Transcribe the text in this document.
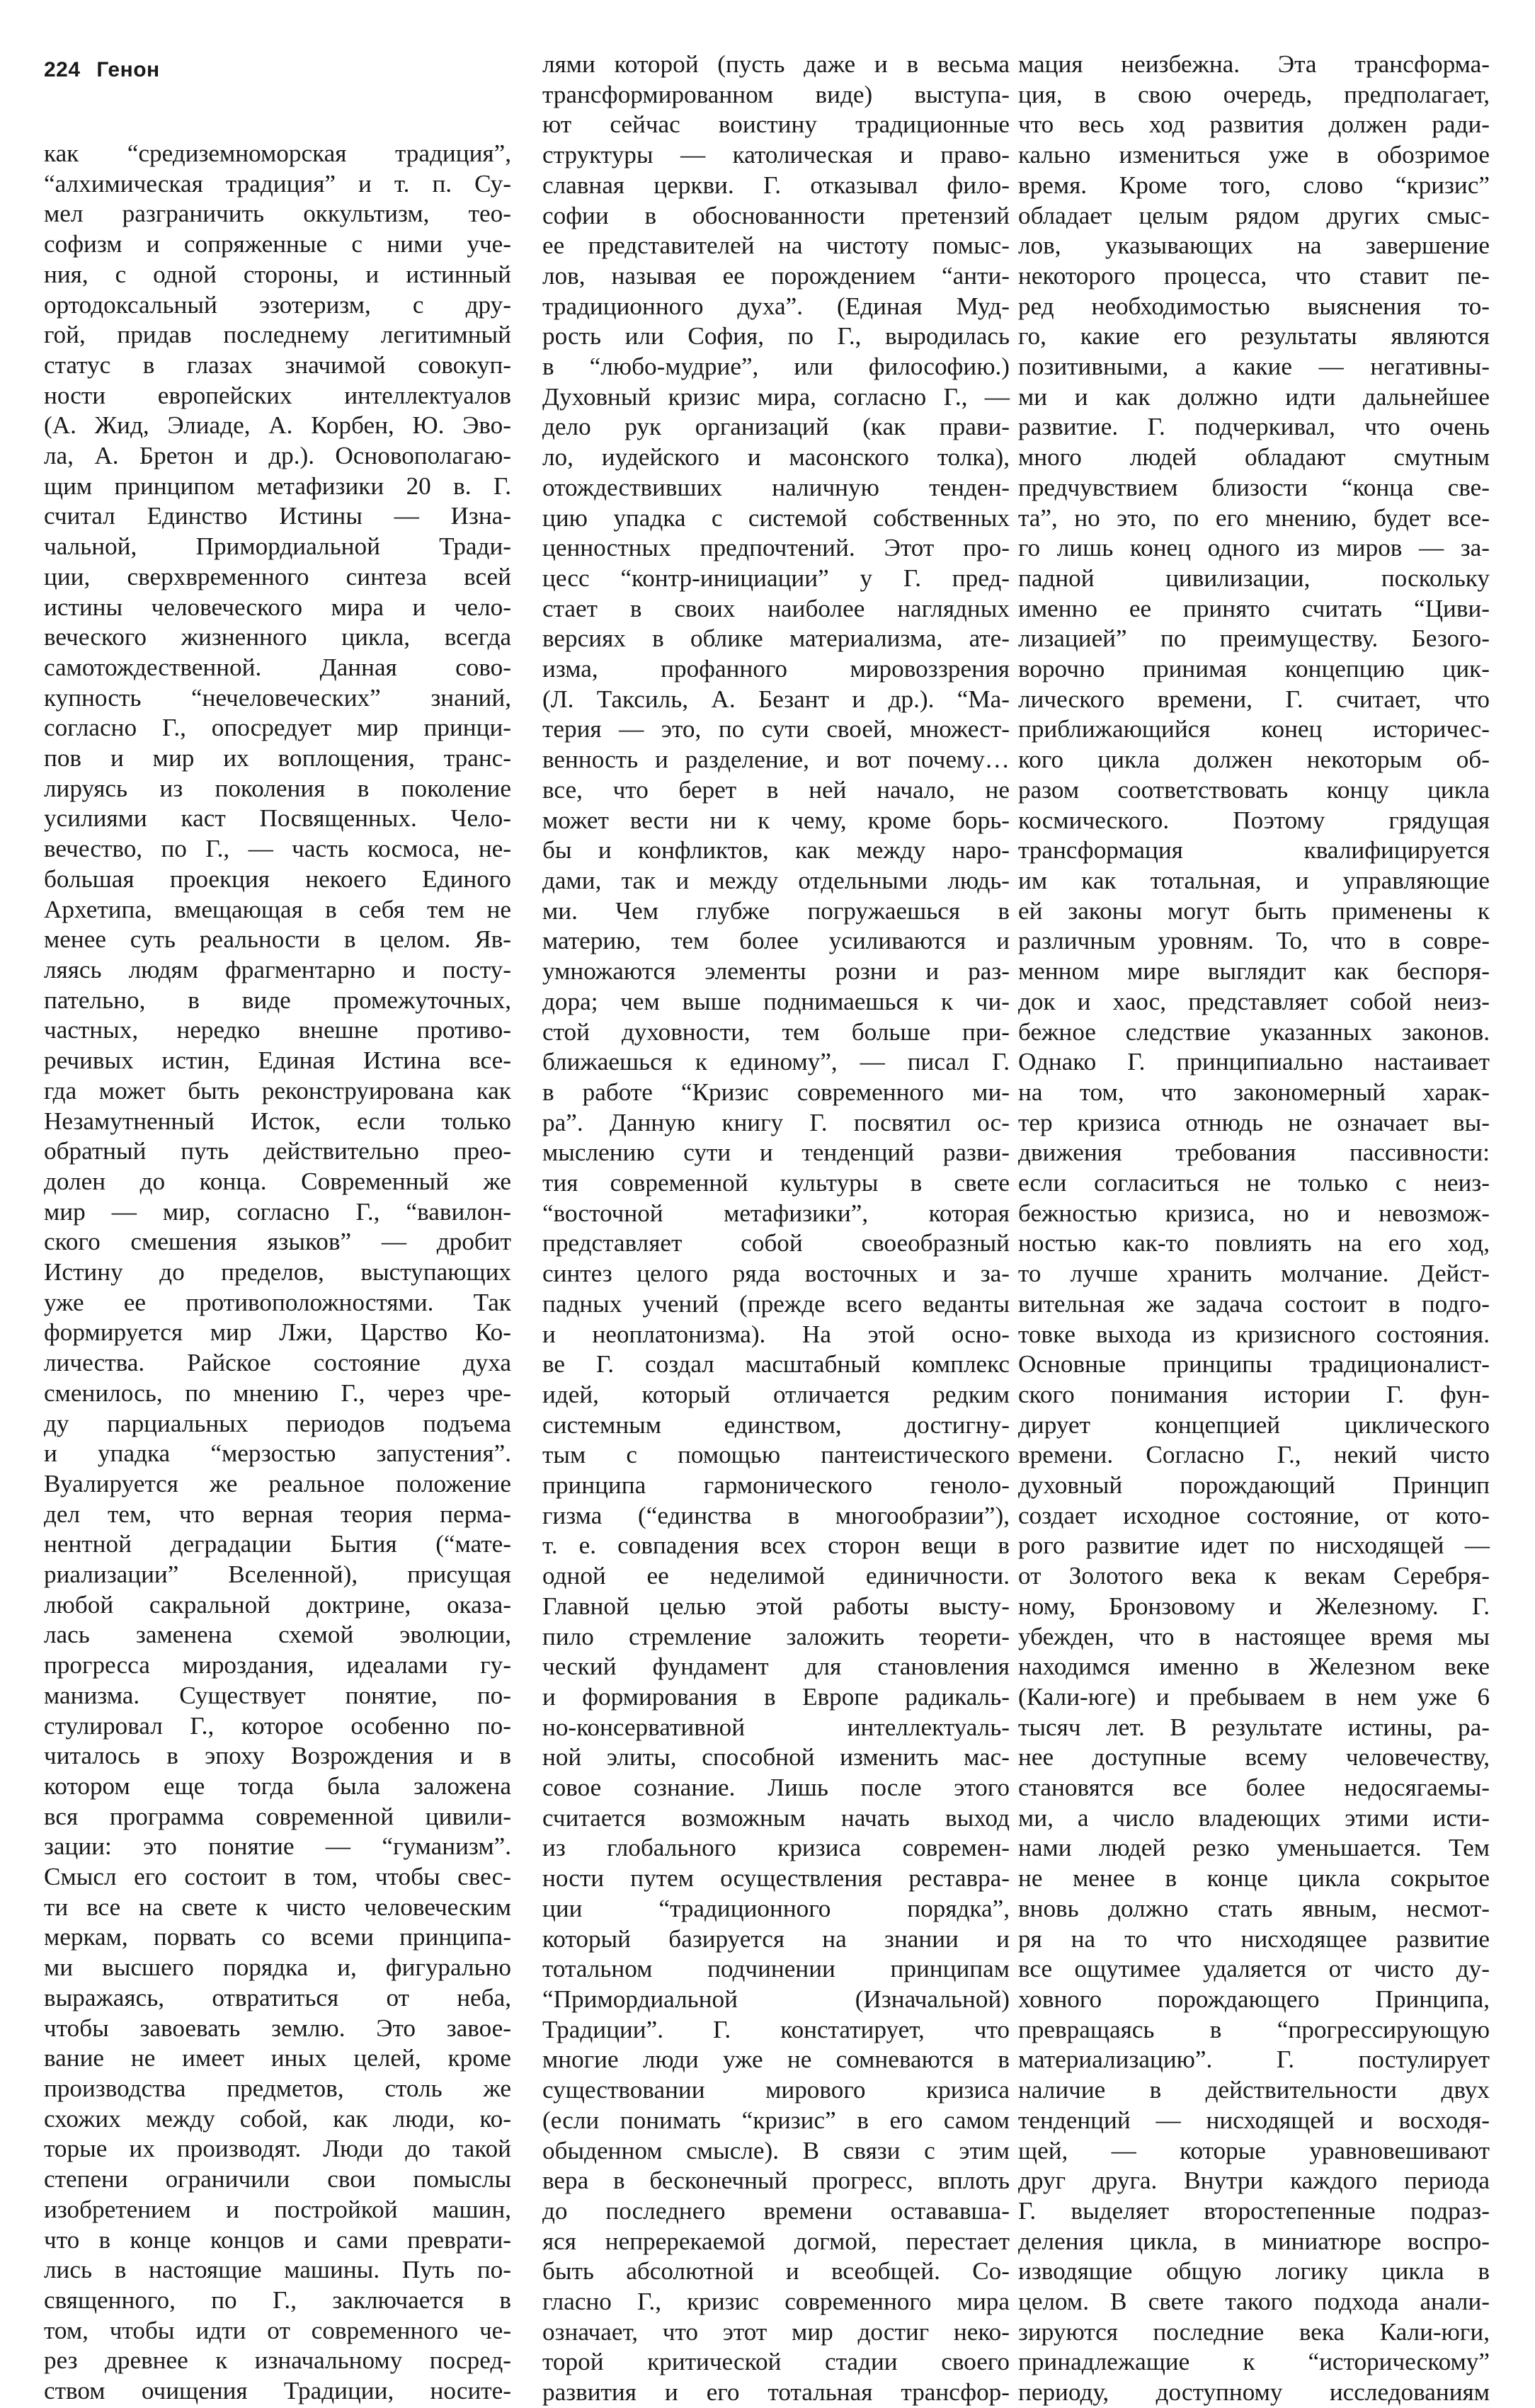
224 Генон
как “средиземноморская традиция”,
“алхимическая традиция” и т. п. Су-
мел разграничить оккультизм, тео-
софизм и сопряженные с ними уче-
ния, с одной стороны, и истинный
ортодоксальный эзотеризм, с дру-
гой, придав последнему легитимный
статус в глазах значимой совокуп-
ности европейских интеллектуалов
(А. Жид, Элиаде, А. Корбен, Ю. Эво-
ла, А. Бретон и др.). Основополагаю-
щим принципом метафизики 20 в. Г.
считал Единство Истины — Изна-
чальной, Примордиальной Тради-
ции, сверхвременного синтеза всей
истины человеческого мира и чело-
веческого жизненного цикла, всегда
самотождественной. Данная сово-
купность “нечеловеческих” знаний,
согласно Г., опосредует мир принци-
пов и мир их воплощения, транс-
лируясь из поколения в поколение
усилиями каст Посвященных. Чело-
вечество, по Г., — часть космоса, не-
большая проекция некоего Единого
Архетипа, вмещающая в себя тем не
менее суть реальности в целом. Яв-
ляясь людям фрагментарно и посту-
пательно, в виде промежуточных,
частных, нередко внешне противо-
речивых истин, Единая Истина все-
гда может быть реконструирована как
Незамутненный Исток, если только
обратный путь действительно прео-
долен до конца. Современный же
мир — мир, согласно Г., “вавилон-
ского смешения языков” — дробит
Истину до пределов, выступающих
уже ее противоположностями. Так
формируется мир Лжи, Царство Ко-
личества. Райское состояние духа
сменилось, по мнению Г., через чре-
ду парциальных периодов подъема
и упадка “мерзостью запустения”.
Вуалируется же реальное положение
дел тем, что верная теория перма-
нентной деградации Бытия (“мате-
риализации” Вселенной), присущая
любой сакральной доктрине, оказа-
лась заменена схемой эволюции,
прогресса мироздания, идеалами гу-
манизма. Существует понятие, по-
стулировал Г., которое особенно по-
читалось в эпоху Возрождения и в
котором еще тогда была заложена
вся программа современной цивили-
зации: это понятие — “гуманизм”.
Смысл его состоит в том, чтобы свес-
ти все на свете к чисто человеческим
меркам, порвать со всеми принципа-
ми высшего порядка и, фигурально
выражаясь, отвратиться от неба,
чтобы завоевать землю. Это завое-
вание не имеет иных целей, кроме
производства предметов, столь же
схожих между собой, как люди, ко-
торые их производят. Люди до такой
степени ограничили свои помыслы
изобретением и постройкой машин,
что в конце концов и сами преврати-
лись в настоящие машины. Путь по-
священного, по Г., заключается в
том, чтобы идти от современного че-
рез древнее к изначальному посред-
ством очищения Традиции, носите-
лями которой (пусть даже и в весьма
трансформированном виде) выступа-
ют сейчас воистину традиционные
структуры — католическая и право-
славная церкви. Г. отказывал фило-
софии в обоснованности претензий
ее представителей на чистоту помыс-
лов, называя ее порождением “анти-
традиционного духа”. (Единая Муд-
рость или София, по Г., выродилась
в “любо-мудрие”, или философию.)
Духовный кризис мира, согласно Г., —
дело рук организаций (как прави-
ло, иудейского и масонского толка),
отождествивших наличную тенден-
цию упадка с системой собственных
ценностных предпочтений. Этот про-
цесс “контр-инициации” у Г. пред-
стает в своих наиболее наглядных
версиях в облике материализма, ате-
изма, профанного мировоззрения
(Л. Таксиль, А. Безант и др.). “Ма-
терия — это, по сути своей, множест-
венность и разделение, и вот почему…
все, что берет в ней начало, не
может вести ни к чему, кроме борь-
бы и конфликтов, как между наро-
дами, так и между отдельными людь-
ми. Чем глубже погружаешься в
материю, тем более усиливаются и
умножаются элементы розни и раз-
дора; чем выше поднимаешься к чи-
стой духовности, тем больше при-
ближаешься к единому”, — писал Г.
в работе “Кризис современного ми-
ра”. Данную книгу Г. посвятил ос-
мыслению сути и тенденций разви-
тия современной культуры в свете
“восточной метафизики”, которая
представляет собой своеобразный
синтез целого ряда восточных и за-
падных учений (прежде всего веданты
и неоплатонизма). На этой осно-
ве Г. создал масштабный комплекс
идей, который отличается редким
системным единством, достигну-
тым с помощью пантеистического
принципа гармонического геноло-
гизма (“единства в многообразии”),
т. е. совпадения всех сторон вещи в
одной ее неделимой единичности.
Главной целью этой работы высту-
пило стремление заложить теорети-
ческий фундамент для становления
и формирования в Европе радикаль-
но-консервативной интеллектуаль-
ной элиты, способной изменить мас-
совое сознание. Лишь после этого
считается возможным начать выход
из глобального кризиса современ-
ности путем осуществления реставра-
ции “традиционного порядка”,
который базируется на знании и
тотальном подчинении принципам
“Примордиальной (Изначальной)
Традиции”. Г. констатирует, что
многие люди уже не сомневаются в
существовании мирового кризиса
(если понимать “кризис” в его самом
обыденном смысле). В связи с этим
вера в бесконечный прогресс, вплоть
до последнего времени остававша-
яся непререкаемой догмой, перестает
быть абсолютной и всеобщей. Со-
гласно Г., кризис современного мира
означает, что этот мир достиг неко-
торой критической стадии своего
развития и его тотальная трансфор-
мация неизбежна. Эта трансформа-
ция, в свою очередь, предполагает,
что весь ход развития должен ради-
кально измениться уже в обозримое
время. Кроме того, слово “кризис”
обладает целым рядом других смыс-
лов, указывающих на завершение
некоторого процесса, что ставит пе-
ред необходимостью выяснения то-
го, какие его результаты являются
позитивными, а какие — негативны-
ми и как должно идти дальнейшее
развитие. Г. подчеркивал, что очень
много людей обладают смутным
предчувствием близости “конца све-
та”, но это, по его мнению, будет все-
го лишь конец одного из миров — за-
падной цивилизации, поскольку
именно ее принято считать “Циви-
лизацией” по преимуществу. Безого-
ворочно принимая концепцию цик-
лического времени, Г. считает, что
приближающийся конец историчес-
кого цикла должен некоторым об-
разом соответствовать концу цикла
космического. Поэтому грядущая
трансформация квалифицируется
им как тотальная, и управляющие
ей законы могут быть применены к
различным уровням. То, что в совре-
менном мире выглядит как беспоря-
док и хаос, представляет собой неиз-
бежное следствие указанных законов.
Однако Г. принципиально настаивает
на том, что закономерный харак-
тер кризиса отнюдь не означает вы-
движения требования пассивности:
если согласиться не только с неиз-
бежностью кризиса, но и невозмож-
ностью как-то повлиять на его ход,
то лучше хранить молчание. Дейст-
вительная же задача состоит в подго-
товке выхода из кризисного состояния.
Основные принципы традиционалист-
ского понимания истории Г. фун-
дирует концепцией циклического
времени. Согласно Г., некий чисто
духовный порождающий Принцип
создает исходное состояние, от кото-
рого развитие идет по нисходящей —
от Золотого века к векам Серебря-
ному, Бронзовому и Железному. Г.
убежден, что в настоящее время мы
находимся именно в Железном веке
(Кали-юге) и пребываем в нем уже 6
тысяч лет. В результате истины, ра-
нее доступные всему человечеству,
становятся все более недосягаемы-
ми, а число владеющих этими исти-
нами людей резко уменьшается. Тем
не менее в конце цикла сокрытое
вновь должно стать явным, несмот-
ря на то что нисходящее развитие
все ощутимее удаляется от чисто ду-
ховного порождающего Принципа,
превращаясь в “прогрессирующую
материализацию”. Г. постулирует
наличие в действительности двух
тенденций — нисходящей и восходя-
щей, — которые уравновешивают
друг друга. Внутри каждого периода
Г. выделяет второстепенные подраз-
деления цикла, в миниатюре воспро-
изводящие общую логику цикла в
целом. В свете такого подхода анали-
зируются последние века Кали-юги,
принадлежащие к “историческому”
периоду, доступному исследованиям
